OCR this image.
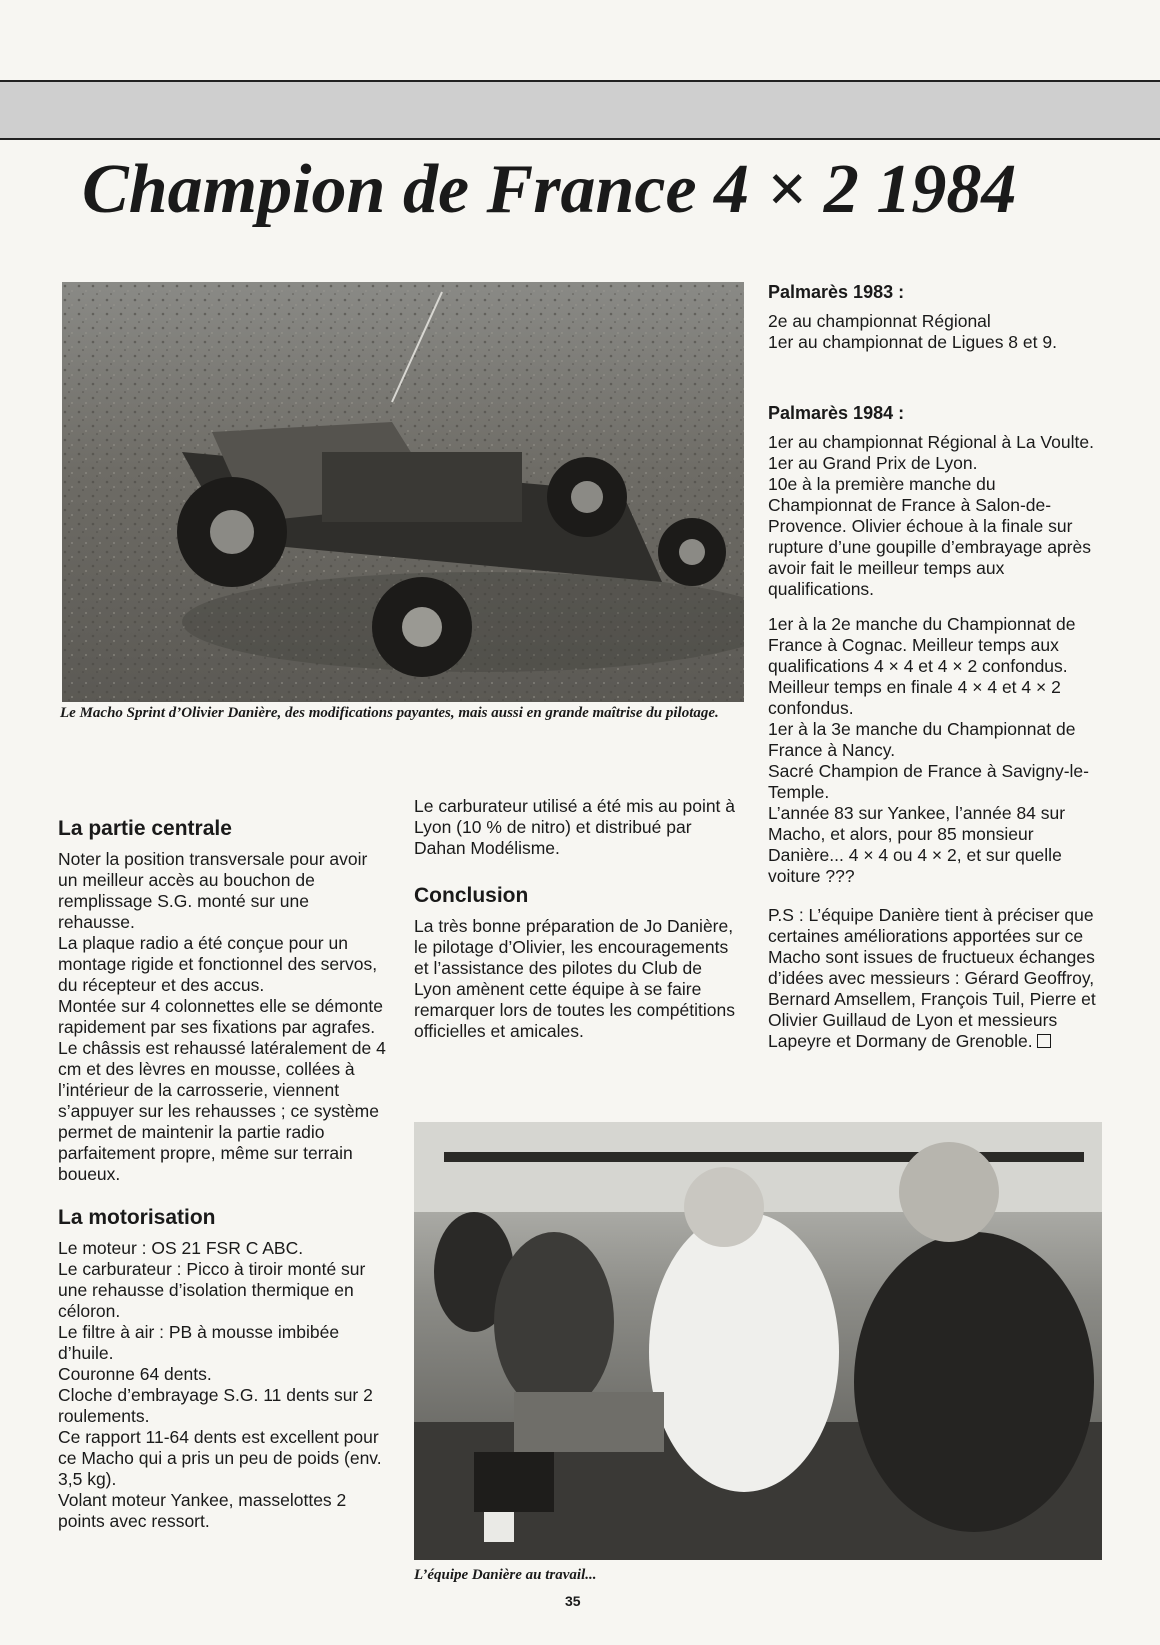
Champion de France 4 × 2 1984

Le Macho Sprint d’Olivier Danière, des modifications payantes, mais aussi en grande maîtrise du pilotage.

Palmarès 1983 :

2e au championnat Régional

1er au championnat de Ligues 8 et 9.

Palmarès 1984 :

1er au championnat Régional à La Voulte.

1er au Grand Prix de Lyon.

10e à la première manche du Championnat de France à Salon-de-Provence. Olivier échoue à la finale sur rupture d’une goupille d’embrayage après avoir fait le meilleur temps aux qualifications.

1er à la 2e manche du Championnat de France à Cognac. Meilleur temps aux qualifications 4 × 4 et 4 × 2 confondus. Meilleur temps en finale 4 × 4 et 4 × 2 confondus.

1er à la 3e manche du Championnat de France à Nancy.

Sacré Champion de France à Savigny-le-Temple.

L’année 83 sur Yankee, l’année 84 sur Macho, et alors, pour 85 monsieur Danière... 4 × 4 ou 4 × 2, et sur quelle voiture ???

P.S : L’équipe Danière tient à préciser que certaines améliorations apportées sur ce Macho sont issues de fructueux échanges d’idées avec messieurs : Gérard Geoffroy, Bernard Amsellem, François Tuil, Pierre et Olivier Guillaud de Lyon et messieurs Lapeyre et Dormany de Grenoble.

La partie centrale

Noter la position transversale pour avoir un meilleur accès au bouchon de remplissage S.G. monté sur une rehausse.

La plaque radio a été conçue pour un montage rigide et fonctionnel des servos, du récepteur et des accus.

Montée sur 4 colonnettes elle se démonte rapidement par ses fixations par agrafes.

Le châssis est rehaussé latéralement de 4 cm et des lèvres en mousse, collées à l’intérieur de la carrosserie, viennent s’appuyer sur les rehausses ; ce système permet de maintenir la partie radio parfaitement propre, même sur terrain boueux.

La motorisation

Le moteur : OS 21 FSR C ABC.

Le carburateur : Picco à tiroir monté sur une rehausse d’isolation thermique en céloron.

Le filtre à air : PB à mousse imbibée d’huile.

Couronne 64 dents.

Cloche d’embrayage S.G. 11 dents sur 2 roulements.

Ce rapport 11-64 dents est excellent pour ce Macho qui a pris un peu de poids (env. 3,5 kg).

Volant moteur Yankee, masselottes 2 points avec ressort.

Le carburateur utilisé a été mis au point à Lyon (10 % de nitro) et distribué par Dahan Modélisme.

Conclusion

La très bonne préparation de Jo Danière, le pilotage d’Olivier, les encouragements et l’assistance des pilotes du Club de Lyon amènent cette équipe à se faire remarquer lors de toutes les compétitions officielles et amicales.

L’équipe Danière au travail...

35
